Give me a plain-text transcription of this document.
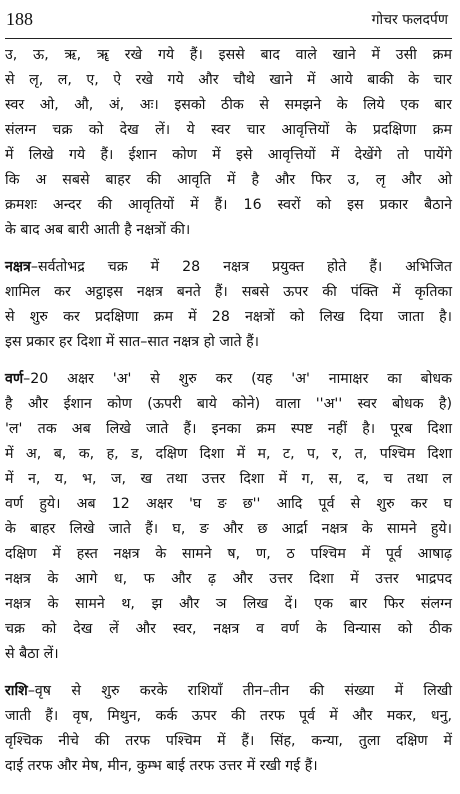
188	गोचर फलदर्पण

उ, ऊ, ऋ, ॠ रखे गये हैं। इससे बाद वाले खाने में उसी क्रम
से लृ, ल, ए, ऐ रखे गये और चौथे खाने में आये बाकी के चार
स्वर ओ, औ, अं, अः। इसको ठीक से समझने के लिये एक बार
संलग्न चक्र को देख लें। ये स्वर चार आवृत्तियों के प्रदक्षिणा क्रम
में लिखे गये हैं। ईशान कोण में इसे आवृत्तियों में देखेंगे तो पायेंगे
कि अ सबसे बाहर की आवृति में है और फिर उ, लृ और ओ
क्रमशः अन्दर की आवृतियों में हैं। 16 स्वरों को इस प्रकार बैठाने
के बाद अब बारी आती है नक्षत्रों की।

नक्षत्र–सर्वतोभद्र चक्र में 28 नक्षत्र प्रयुक्त होते हैं। अभिजित
शामिल कर अट्ठाइस नक्षत्र बनते हैं। सबसे ऊपर की पंक्ति में कृतिका
से शुरु कर प्रदक्षिणा क्रम में 28 नक्षत्रों को लिख दिया जाता है।
इस प्रकार हर दिशा में सात–सात नक्षत्र हो जाते हैं।

वर्ण–20 अक्षर 'अ' से शुरु कर (यह 'अ' नामाक्षर का बोधक
है और ईशान कोण (ऊपरी बाये कोने) वाला ''अ'' स्वर बोधक है)
'ल' तक अब लिखे जाते हैं। इनका क्रम स्पष्ट नहीं है। पूरब दिशा
में अ, ब, क, ह, ड, दक्षिण दिशा में म, ट, प, र, त, पश्चिम दिशा
में न, य, भ, ज, ख तथा उत्तर दिशा में ग, स, द, च तथा ल
वर्ण हुये। अब 12 अक्षर 'घ ङ छ'' आदि पूर्व से शुरु कर घ
के बाहर लिखे जाते हैं। घ, ङ और छ आर्द्रा नक्षत्र के सामने हुये।
दक्षिण में हस्त नक्षत्र के सामने ष, ण, ठ पश्चिम में पूर्व आषाढ़
नक्षत्र के आगे ध, फ और ढ़ और उत्तर दिशा में उत्तर भाद्रपद
नक्षत्र के सामने थ, झ और ञ लिख दें। एक बार फिर संलग्न
चक्र को देख लें और स्वर, नक्षत्र व वर्ण के विन्यास को ठीक
से बैठा लें।

राशि–वृष से शुरु करके राशियाँ तीन–तीन की संख्या में लिखी
जाती हैं। वृष, मिथुन, कर्क ऊपर की तरफ पूर्व में और मकर, धनु,
वृश्चिक नीचे की तरफ पश्चिम में हैं। सिंह, कन्या, तुला दक्षिण में
दाई तरफ और मेष, मीन, कुम्भ बाई तरफ उत्तर में रखी गई हैं।
